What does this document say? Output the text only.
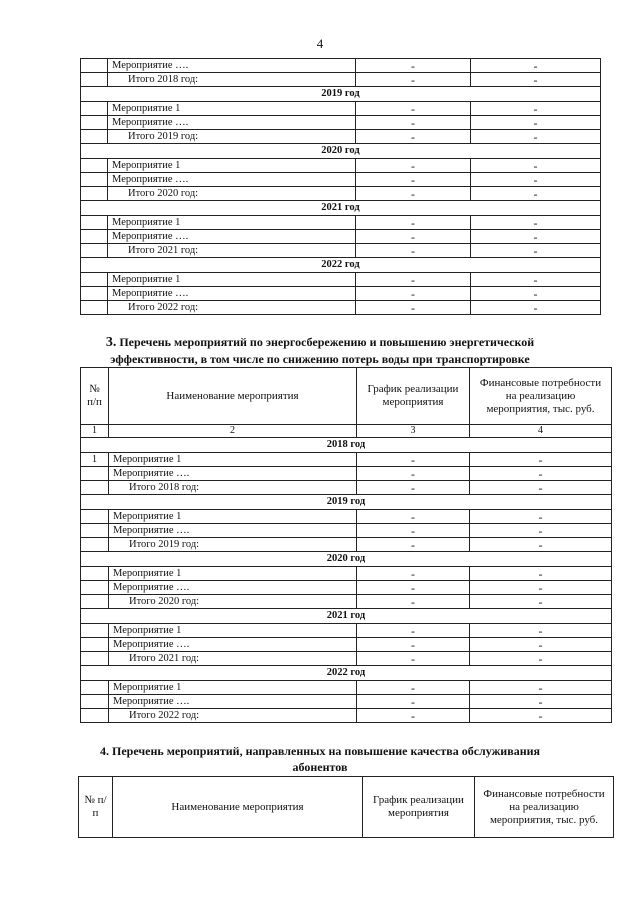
4
	Мероприятие ….	-	-
	Итого 2018 год:	-	-
2019 год			
	Мероприятие 1	-	-
	Мероприятие ….	-	-
	Итого 2019 год:	-	-
2020 год			
	Мероприятие 1	-	-
	Мероприятие ….	-	-
	Итого 2020 год:	-	-
2021 год			
	Мероприятие 1	-	-
	Мероприятие ….	-	-
	Итого 2021 год:	-	-
2022 год			
	Мероприятие 1	-	-
	Мероприятие ….	-	-
	Итого 2022 год:	-	-
3. Перечень мероприятий по энергосбережению и повышению энергетической
эффективности, в том числе по снижению потерь воды при транспортировке
№ п/п	Наименование мероприятия	График реализации мероприятия	Финансовые потребности на реализацию мероприятия, тыс. руб.
1	2	3	4
2018 год			
1	Мероприятие 1	-	-
	Мероприятие ….	-	-
	Итого 2018 год:	-	-
2019 год			
	Мероприятие 1	-	-
	Мероприятие ….	-	-
	Итого 2019 год:	-	-
2020 год			
	Мероприятие 1	-	-
	Мероприятие ….	-	-
	Итого 2020 год:	-	-
2021 год			
	Мероприятие 1	-	-
	Мероприятие ….	-	-
	Итого 2021 год:	-	-
2022 год			
	Мероприятие 1	-	-
	Мероприятие ….	-	-
	Итого 2022 год:	-	-
4. Перечень мероприятий, направленных на повышение качества обслуживания
абонентов
№ п/п	Наименование мероприятия	График реализации мероприятия	Финансовые потребности на реализацию мероприятия, тыс. руб.
